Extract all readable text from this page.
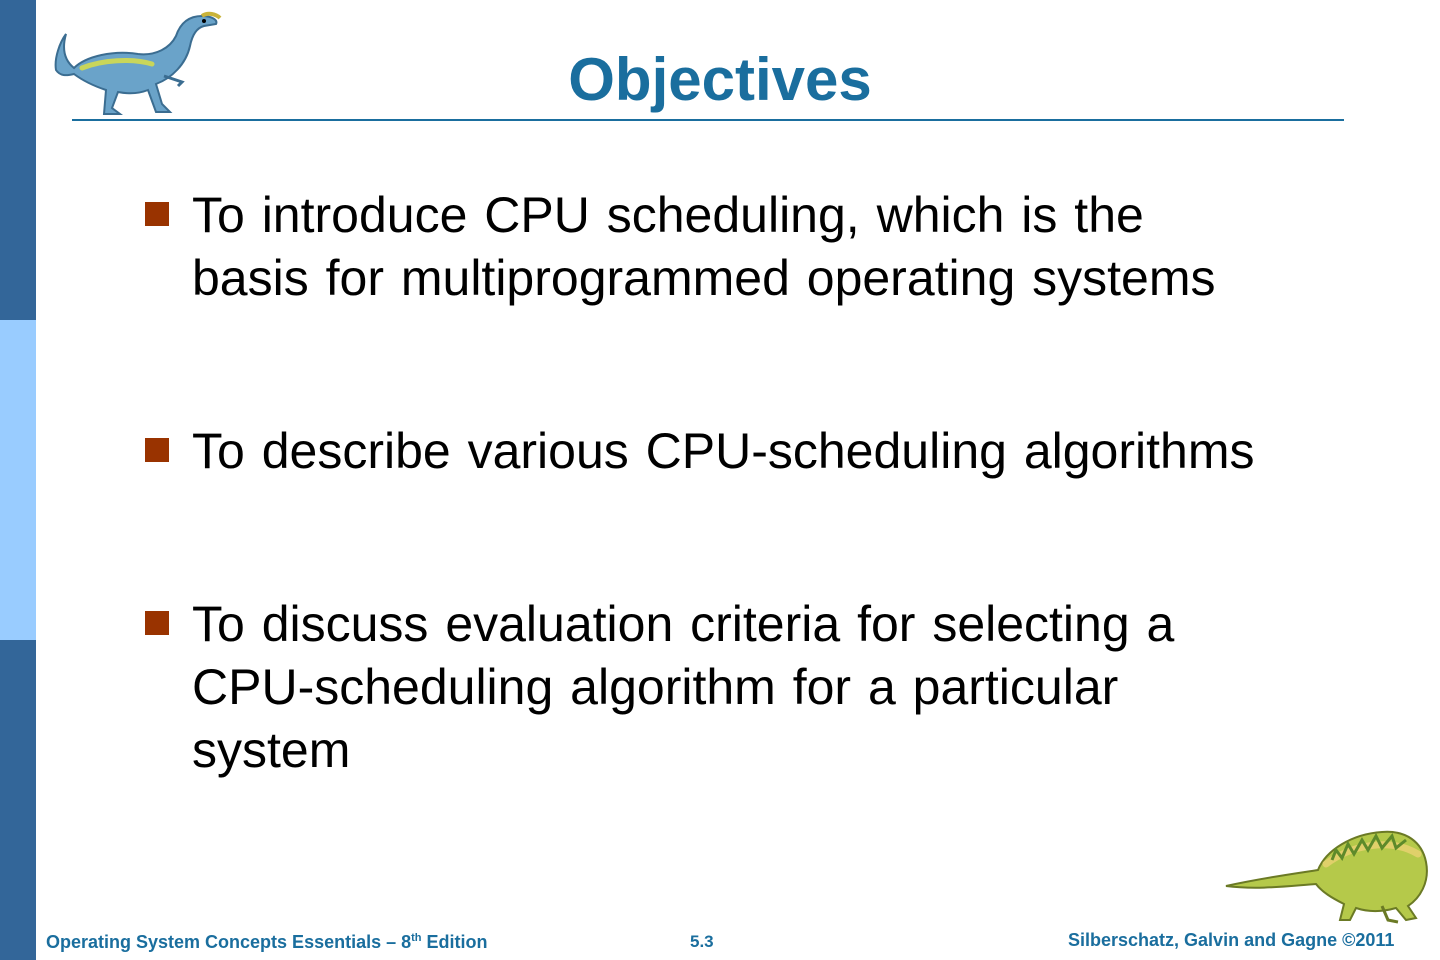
Objectives
To introduce CPU scheduling, which is the
basis for multiprogrammed operating systems
To describe various CPU-scheduling algorithms
To discuss evaluation criteria for selecting a
CPU-scheduling algorithm for a particular
system
Operating System Concepts Essentials – 8th Edition	5.3	Silberschatz, Galvin and Gagne ©2011
